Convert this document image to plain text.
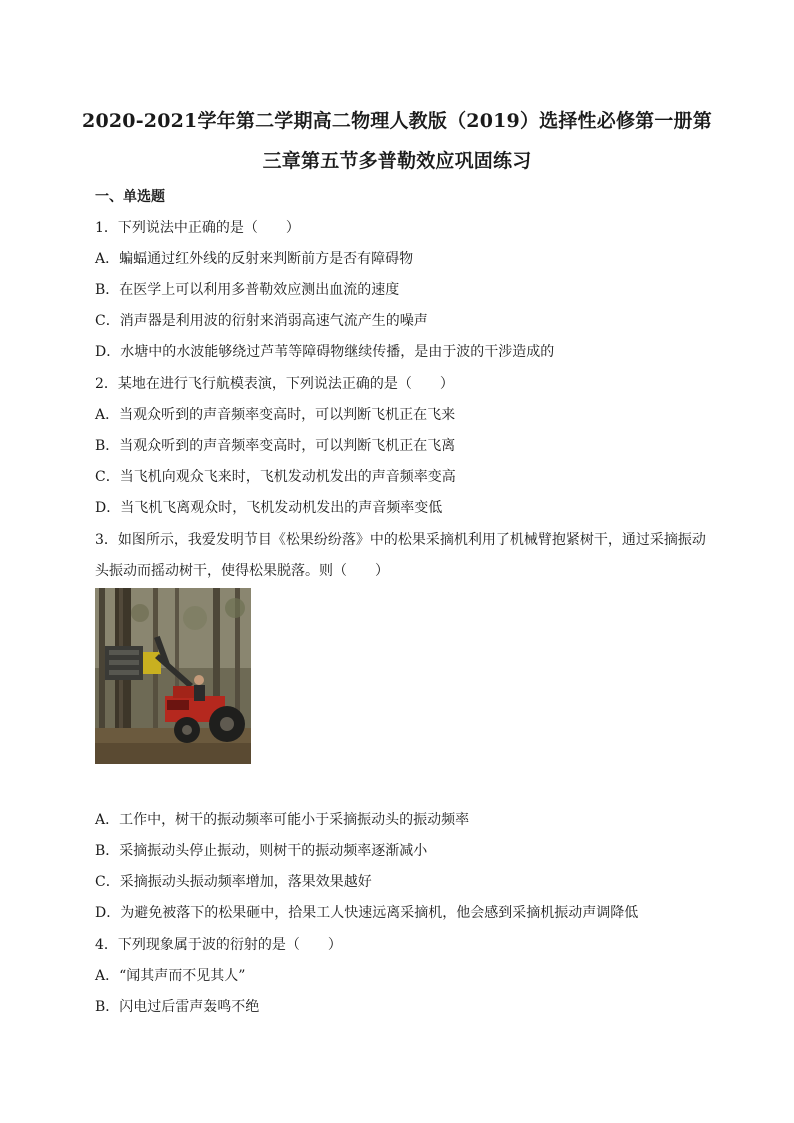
2020-2021学年第二学期高二物理人教版（2019）选择性必修第一册第
三章第五节多普勒效应巩固练习
一、单选题
1．下列说法中正确的是（　　）
A．蝙蝠通过红外线的反射来判断前方是否有障碍物
B．在医学上可以利用多普勒效应测出血流的速度
C．消声器是利用波的衍射来消弱高速气流产生的噪声
D．水塘中的水波能够绕过芦苇等障碍物继续传播，是由于波的干涉造成的
2．某地在进行飞行航模表演，下列说法正确的是（　　）
A．当观众听到的声音频率变高时，可以判断飞机正在飞来
B．当观众听到的声音频率变高时，可以判断飞机正在飞离
C．当飞机向观众飞来时，飞机发动机发出的声音频率变高
D．当飞机飞离观众时，飞机发动机发出的声音频率变低
3．如图所示，我爱发明节目《松果纷纷落》中的松果采摘机利用了机械臂抱紧树干，通过采摘振动
头振动而摇动树干，使得松果脱落。则（　　）
A．工作中，树干的振动频率可能小于采摘振动头的振动频率
B．采摘振动头停止振动，则树干的振动频率逐渐减小
C．采摘振动头振动频率增加，落果效果越好
D．为避免被落下的松果砸中，拾果工人快速远离采摘机，他会感到采摘机振动声调降低
4．下列现象属于波的衍射的是（　　）
A．“闻其声而不见其人”
B．闪电过后雷声轰鸣不绝
